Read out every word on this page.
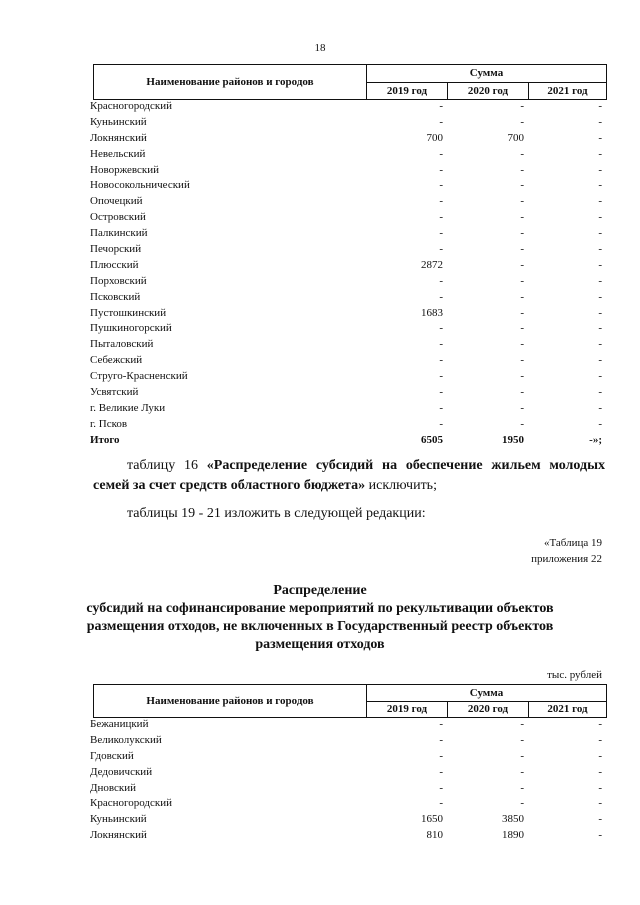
18
Наименование районов и городов
Сумма
2019 год	2020 год	2021 год
Красногородский	-	-	-
Куньинский	-	-	-
Локнянский	700	700	-
Невельский	-	-	-
Новоржевский	-	-	-
Новосокольнический	-	-	-
Опочецкий	-	-	-
Островский	-	-	-
Палкинский	-	-	-
Печорский	-	-	-
Плюсский	2872	-	-
Порховский	-	-	-
Псковский	-	-	-
Пустошкинский	1683	-	-
Пушкиногорский	-	-	-
Пыталовский	-	-	-
Себежский	-	-	-
Струго-Красненский	-	-	-
Усвятский	-	-	-
г. Великие Луки	-	-	-
г. Псков	-	-	-
Итого	6505	1950	-»;
таблицу 16 «Распределение субсидий на обеспечение жильем молодых семей за счет средств областного бюджета» исключить;
таблицы 19 - 21 изложить в следующей редакции:
«Таблица 19
приложения 22
Распределение
субсидий на софинансирование мероприятий по рекультивации объектов
размещения отходов, не включенных в Государственный реестр объектов
размещения отходов
тыс. рублей
Наименование районов и городов
Сумма
2019 год	2020 год	2021 год
Бежаницкий	-	-	-
Великолукский	-	-	-
Гдовский	-	-	-
Дедовичский	-	-	-
Дновский	-	-	-
Красногородский	-	-	-
Куньинский	1650	3850	-
Локнянский	810	1890	-
